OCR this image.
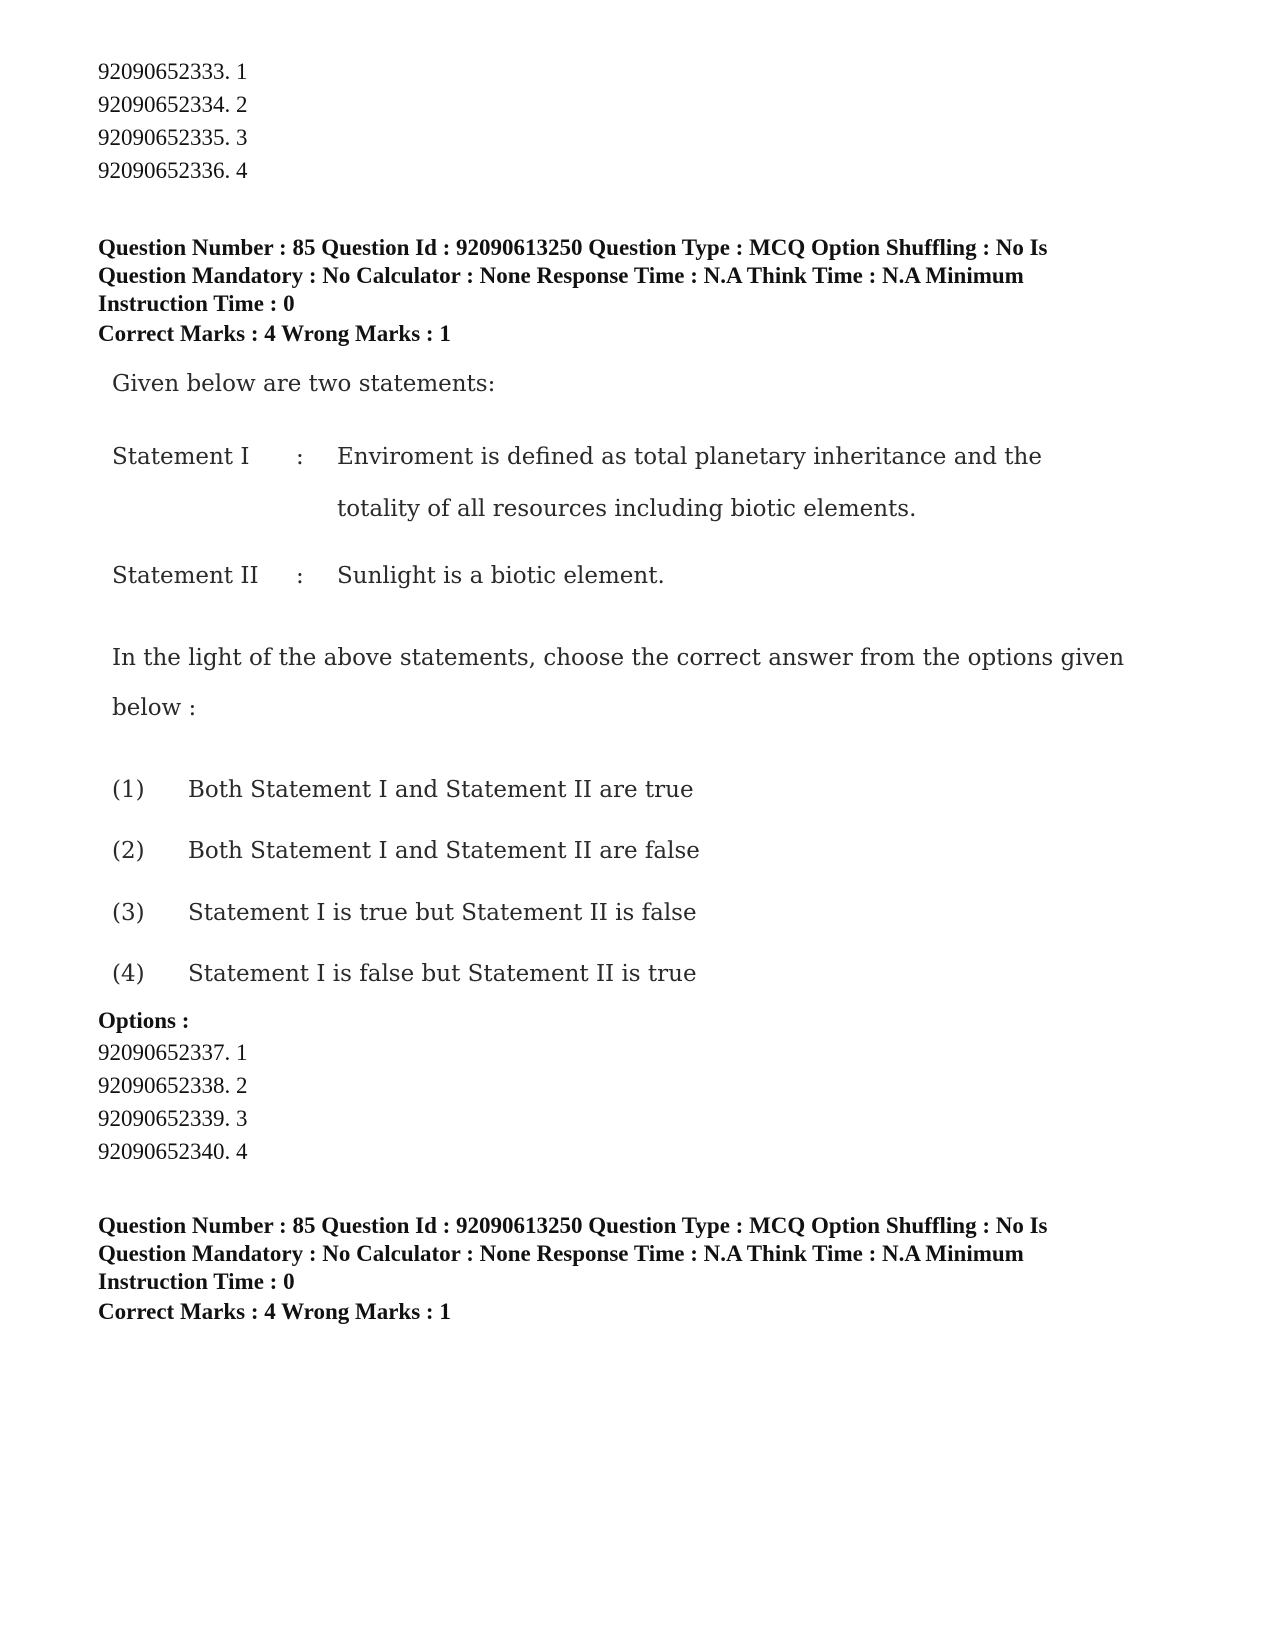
92090652333. 1
92090652334. 2
92090652335. 3
92090652336. 4
Question Number : 85 Question Id : 92090613250 Question Type : MCQ Option Shuffling : No Is
Question Mandatory : No Calculator : None Response Time : N.A Think Time : N.A Minimum
Instruction Time : 0
Correct Marks : 4 Wrong Marks : 1
Given below are two statements:
Statement I : Enviroment is defined as total planetary inheritance and the
totality of all resources including biotic elements.
Statement II : Sunlight is a biotic element.
In the light of the above statements, choose the correct answer from the options given
below :
(1) Both Statement I and Statement II are true
(2) Both Statement I and Statement II are false
(3) Statement I is true but Statement II is false
(4) Statement I is false but Statement II is true
Options :
92090652337. 1
92090652338. 2
92090652339. 3
92090652340. 4
Question Number : 85 Question Id : 92090613250 Question Type : MCQ Option Shuffling : No Is
Question Mandatory : No Calculator : None Response Time : N.A Think Time : N.A Minimum
Instruction Time : 0
Correct Marks : 4 Wrong Marks : 1
